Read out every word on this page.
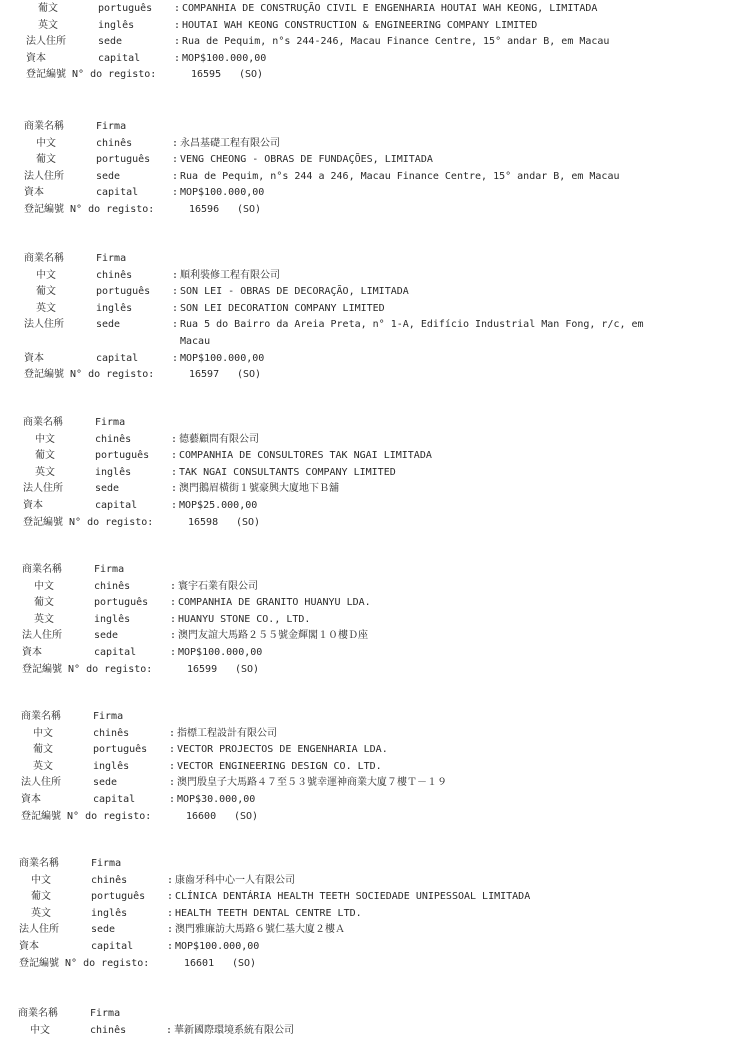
葡文	português : COMPANHIA DE CONSTRUÇÃO CIVIL E ENGENHARIA HOUTAI WAH KEONG, LIMITADA
英文	inglês	: HOUTAI WAH KEONG CONSTRUCTION & ENGINEERING COMPANY LIMITED
法人住所	sede	: Rua de Pequim, n°s 244-246, Macau Finance Centre, 15° andar B, em Macau
資本	capital	: MOP$100.000,00
登記編號 N° do registo:	16595 (SO)
商業名稱	Firma
中文	chinês	: 永昌基礎工程有限公司
葡文	português : VENG CHEONG - OBRAS DE FUNDAÇÕES, LIMITADA
法人住所	sede	: Rua de Pequim, n°s 244 a 246, Macau Finance Centre, 15° andar B, em Macau
資本	capital	: MOP$100.000,00
登記編號 N° do registo:	16596 (SO)
商業名稱	Firma
中文	chinês	: 順利裝修工程有限公司
葡文	português : SON LEI - OBRAS DE DECORAÇÃO, LIMITADA
英文	inglês	: SON LEI DECORATION COMPANY LIMITED
法人住所	sede	: Rua 5 do Bairro da Areia Preta, n° 1-A, Edifício Industrial Man Fong, r/c, em
Macau
資本	capital	: MOP$100.000,00
登記編號 N° do registo:	16597 (SO)
商業名稱	Firma
中文	chinês	: 德藝顧問有限公司
葡文	português : COMPANHIA DE CONSULTORES TAK NGAI LIMITADA
英文	inglês	: TAK NGAI CONSULTANTS COMPANY LIMITED
法人住所	sede	: 澳門鵝眉橫街１號豪興大廈地下Ｂ舖
資本	capital	: MOP$25.000,00
登記編號 N° do registo:	16598 (SO)
商業名稱	Firma
中文	chinês	: 寰宇石業有限公司
葡文	português : COMPANHIA DE GRANITO HUANYU LDA.
英文	inglês	: HUANYU STONE CO., LTD.
法人住所	sede	: 澳門友誼大馬路２５５號金輝閣１０樓Ｄ座
資本	capital	: MOP$100.000,00
登記編號 N° do registo:	16599 (SO)
商業名稱	Firma
中文	chinês	: 指標工程設計有限公司
葡文	português : VECTOR PROJECTOS DE ENGENHARIA LDA.
英文	inglês	: VECTOR ENGINEERING DESIGN CO. LTD.
法人住所	sede	: 澳門殷皇子大馬路４７至５３號幸運神商業大廈７樓Ｔ－１９
資本	capital	: MOP$30.000,00
登記編號 N° do registo:	16600 (SO)
商業名稱	Firma
中文	chinês	: 康齒牙科中心一人有限公司
葡文	português : CLÍNICA DENTÁRIA HEALTH TEETH SOCIEDADE UNIPESSOAL LIMITADA
英文	inglês	: HEALTH TEETH DENTAL CENTRE LTD.
法人住所	sede	: 澳門雅廉訪大馬路６號仁基大廈２樓Ａ
資本	capital	: MOP$100.000,00
登記編號 N° do registo:	16601 (SO)
商業名稱	Firma
中文	chinês	: 華新國際環境系統有限公司
